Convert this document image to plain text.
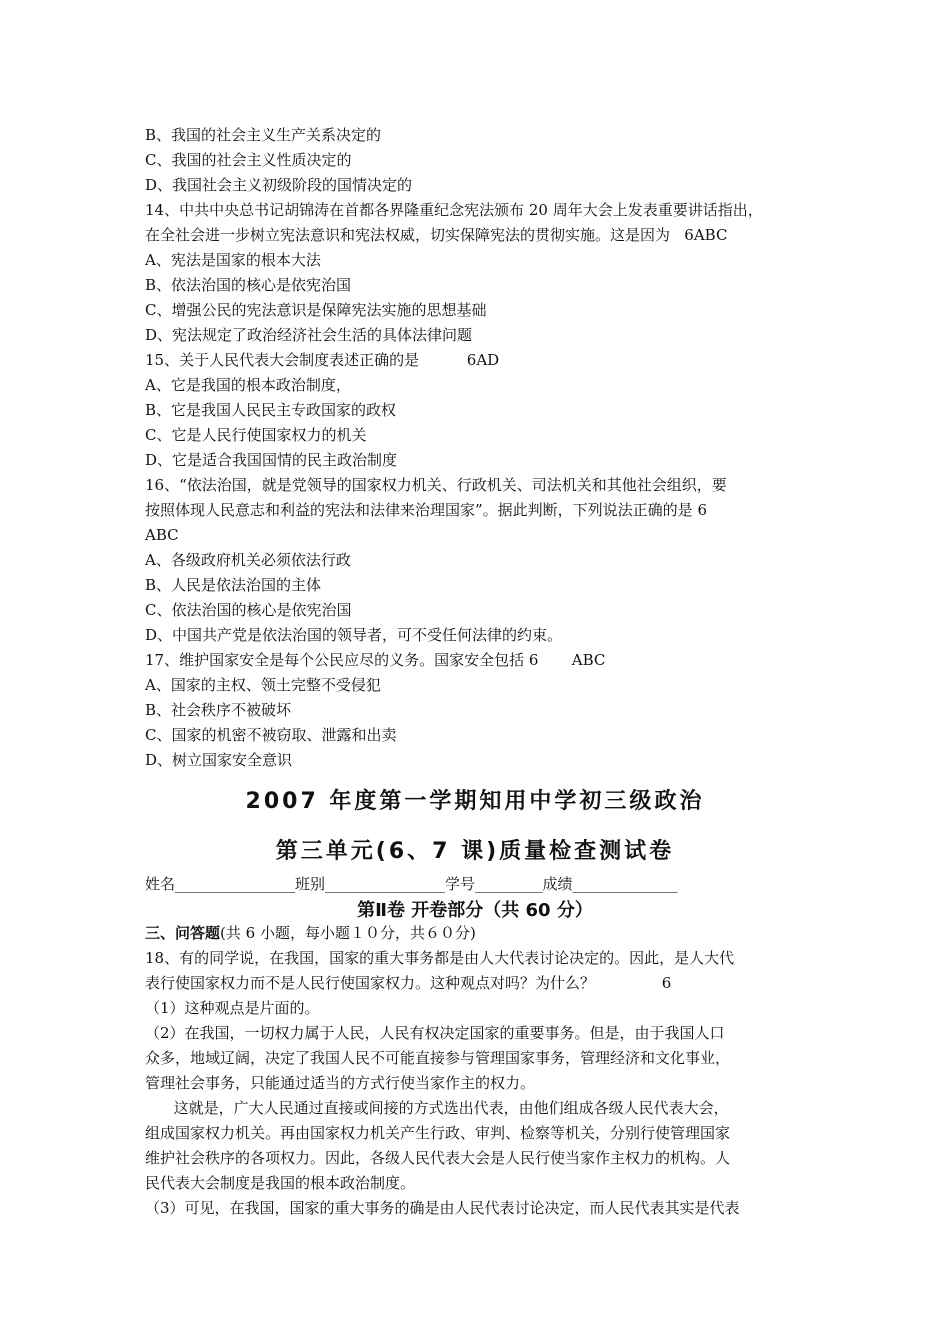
B、我国的社会主义生产关系决定的
C、我国的社会主义性质决定的
D、我国社会主义初级阶段的国情决定的
14、中共中央总书记胡锦涛在首都各界隆重纪念宪法颁布 20 周年大会上发表重要讲话指出，
在全社会进一步树立宪法意识和宪法权威，切实保障宪法的贯彻实施。这是因为   6ABC
A、宪法是国家的根本大法
B、依法治国的核心是依宪治国
C、增强公民的宪法意识是保障宪法实施的思想基础
D、宪法规定了政治经济社会生活的具体法律问题
15、关于人民代表大会制度表述正确的是          6AD
A、它是我国的根本政治制度，
B、它是我国人民民主专政国家的政权
C、它是人民行使国家权力的机关
D、它是适合我国国情的民主政治制度
16、“依法治国，就是党领导的国家权力机关、行政机关、司法机关和其他社会组织，要
按照体现人民意志和利益的宪法和法律来治理国家”。据此判断，下列说法正确的是 6
ABC
A、各级政府机关必须依法行政
B、人民是依法治国的主体
C、依法治国的核心是依宪治国
D、中国共产党是依法治国的领导者，可不受任何法律的约束。
17、维护国家安全是每个公民应尽的义务。国家安全包括 6       ABC
A、国家的主权、领土完整不受侵犯
B、社会秩序不被破坏
C、国家的机密不被窃取、泄露和出卖
D、树立国家安全意识
2007 年度第一学期知用中学初三级政治
第三单元(6、7 课)质量检查测试卷
姓名________________班别________________学号_________成绩______________
第Ⅱ卷 开卷部分（共 60 分）
三、问答题(共 6 小题，每小题１０分，共６０分)
18、有的同学说，在我国，国家的重大事务都是由人大代表讨论决定的。因此，是人大代
表行使国家权力而不是人民行使国家权力。这种观点对吗？为什么？              6
（1）这种观点是片面的。
（2）在我国，一切权力属于人民，人民有权决定国家的重要事务。但是，由于我国人口
众多，地域辽阔，决定了我国人民不可能直接参与管理国家事务，管理经济和文化事业，
管理社会事务，只能通过适当的方式行使当家作主的权力。
这就是，广大人民通过直接或间接的方式选出代表，由他们组成各级人民代表大会，
组成国家权力机关。再由国家权力机关产生行政、审判、检察等机关，分别行使管理国家
维护社会秩序的各项权力。因此，各级人民代表大会是人民行使当家作主权力的机构。人
民代表大会制度是我国的根本政治制度。
（3）可见，在我国，国家的重大事务的确是由人民代表讨论决定，而人民代表其实是代表
